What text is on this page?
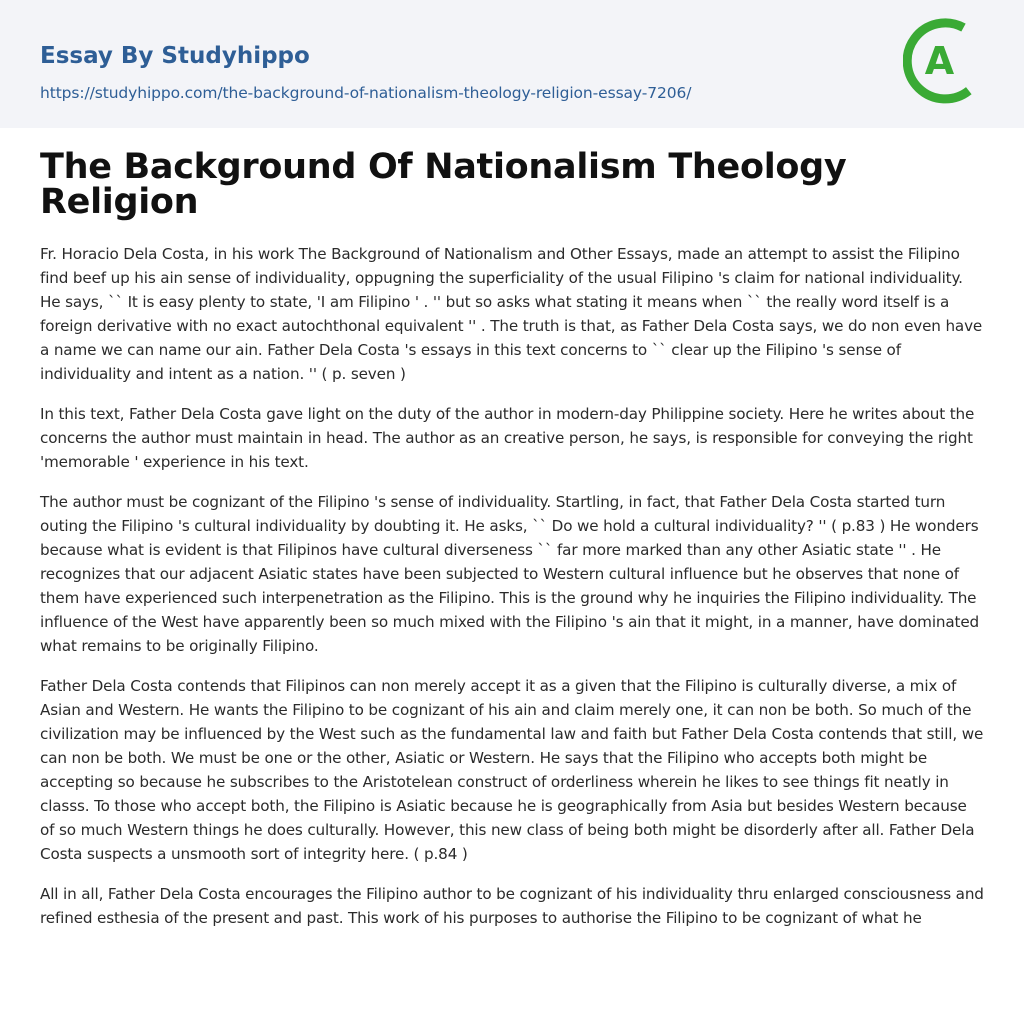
Essay By Studyhippo
https://studyhippo.com/the-background-of-nationalism-theology-religion-essay-7206/
A
The Background Of Nationalism Theology Religion

Fr. Horacio Dela Costa, in his work The Background of Nationalism and Other Essays, made an attempt to assist the Filipino find beef up his ain sense of individuality, oppugning the superficiality of the usual Filipino 's claim for national individuality. He says, `` It is easy plenty to state, 'I am Filipino ' . '' but so asks what stating it means when `` the really word itself is a foreign derivative with no exact autochthonal equivalent '' . The truth is that, as Father Dela Costa says, we do non even have a name we can name our ain. Father Dela Costa 's essays in this text concerns to `` clear up the Filipino 's sense of individuality and intent as a nation. '' ( p. seven )

In this text, Father Dela Costa gave light on the duty of the author in modern-day Philippine society. Here he writes about the concerns the author must maintain in head. The author as an creative person, he says, is responsible for conveying the right 'memorable ' experience in his text.

The author must be cognizant of the Filipino 's sense of individuality. Startling, in fact, that Father Dela Costa started turn outing the Filipino 's cultural individuality by doubting it. He asks, `` Do we hold a cultural individuality? '' ( p.83 ) He wonders because what is evident is that Filipinos have cultural diverseness `` far more marked than any other Asiatic state '' . He recognizes that our adjacent Asiatic states have been subjected to Western cultural influence but he observes that none of them have experienced such interpenetration as the Filipino. This is the ground why he inquiries the Filipino individuality. The influence of the West have apparently been so much mixed with the Filipino 's ain that it might, in a manner, have dominated what remains to be originally Filipino.

Father Dela Costa contends that Filipinos can non merely accept it as a given that the Filipino is culturally diverse, a mix of Asian and Western. He wants the Filipino to be cognizant of his ain and claim merely one, it can non be both. So much of the civilization may be influenced by the West such as the fundamental law and faith but Father Dela Costa contends that still, we can non be both. We must be one or the other, Asiatic or Western. He says that the Filipino who accepts both might be accepting so because he subscribes to the Aristotelean construct of orderliness wherein he likes to see things fit neatly in classs. To those who accept both, the Filipino is Asiatic because he is geographically from Asia but besides Western because of so much Western things he does culturally. However, this new class of being both might be disorderly after all. Father Dela Costa suspects a unsmooth sort of integrity here. ( p.84 )

All in all, Father Dela Costa encourages the Filipino author to be cognizant of his individuality thru enlarged consciousness and refined esthesia of the present and past. This work of his purposes to authorise the Filipino to be cognizant of what he
